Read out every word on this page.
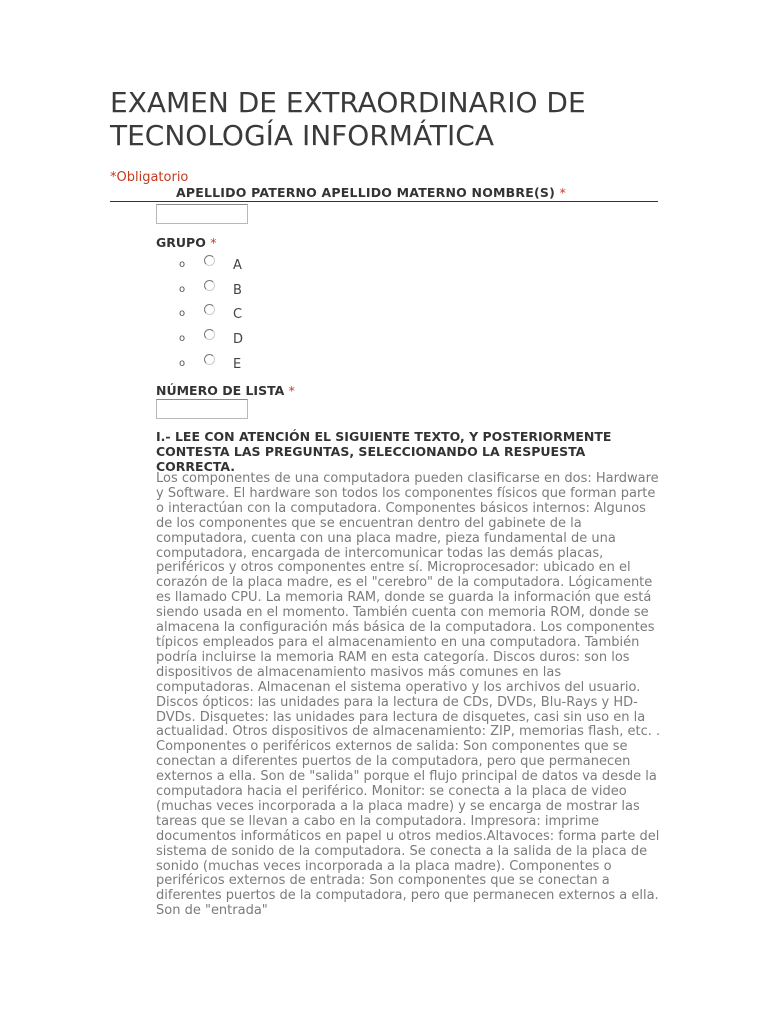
EXAMEN DE EXTRAORDINARIO DE TECNOLOGÍA INFORMÁTICA
*Obligatorio
APELLIDO PATERNO APELLIDO MATERNO NOMBRE(S) *
GRUPO *
o	A
o	B
o	C
o	D
o	E
NÚMERO DE LISTA *
I.- LEE CON ATENCIÓN EL SIGUIENTE TEXTO, Y POSTERIORMENTE CONTESTA LAS PREGUNTAS, SELECCIONANDO LA RESPUESTA CORRECTA.
Los componentes de una computadora pueden clasificarse en dos: Hardware y Software. El hardware son todos los componentes físicos que forman parte o interactúan con la computadora. Componentes básicos internos: Algunos de los componentes que se encuentran dentro del gabinete de la computadora, cuenta con una placa madre, pieza fundamental de una computadora, encargada de intercomunicar todas las demás placas, periféricos y otros componentes entre sí. Microprocesador: ubicado en el corazón de la placa madre, es el "cerebro" de la computadora. Lógicamente es llamado CPU. La memoria RAM, donde se guarda la información que está siendo usada en el momento. También cuenta con memoria ROM, donde se almacena la configuración más básica de la computadora. Los componentes típicos empleados para el almacenamiento en una computadora. También podría incluirse la memoria RAM en esta categoría. Discos duros: son los dispositivos de almacenamiento masivos más comunes en las computadoras. Almacenan el sistema operativo y los archivos del usuario. Discos ópticos: las unidades para la lectura de CDs, DVDs, Blu-Rays y HD-DVDs. Disquetes: las unidades para lectura de disquetes, casi sin uso en la actualidad. Otros dispositivos de almacenamiento: ZIP, memorias flash, etc. . Componentes o periféricos externos de salida: Son componentes que se conectan a diferentes puertos de la computadora, pero que permanecen externos a ella. Son de "salida" porque el flujo principal de datos va desde la computadora hacia el periférico. Monitor: se conecta a la placa de video (muchas veces incorporada a la placa madre) y se encarga de mostrar las tareas que se llevan a cabo en la computadora. Impresora: imprime documentos informáticos en papel u otros medios.Altavoces: forma parte del sistema de sonido de la computadora. Se conecta a la salida de la placa de sonido (muchas veces incorporada a la placa madre). Componentes o periféricos externos de entrada: Son componentes que se conectan a diferentes puertos de la computadora, pero que permanecen externos a ella. Son de "entrada"
